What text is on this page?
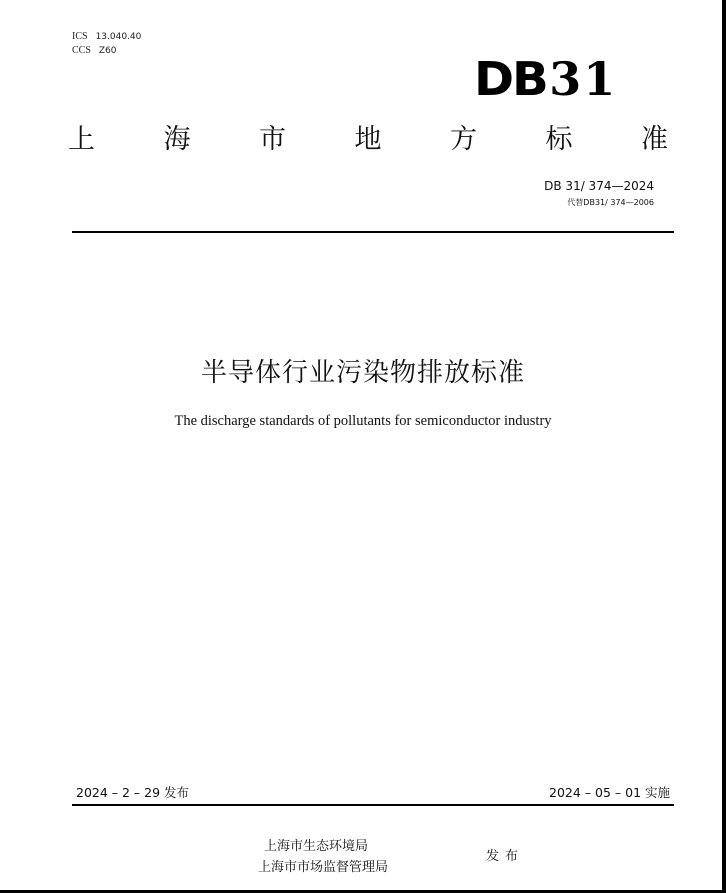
ICS 13.040.40
CCS Z60
DB31
上	海	市	地	方	标	准
DB 31/ 374—2024
代替DB31/ 374—2006
半导体行业污染物排放标准
The discharge standards of pollutants for semiconductor industry
2024 – 2 – 29 发布	2024 – 05 – 01 实施
上海市生态环境局
上海市市场监督管理局
发布
